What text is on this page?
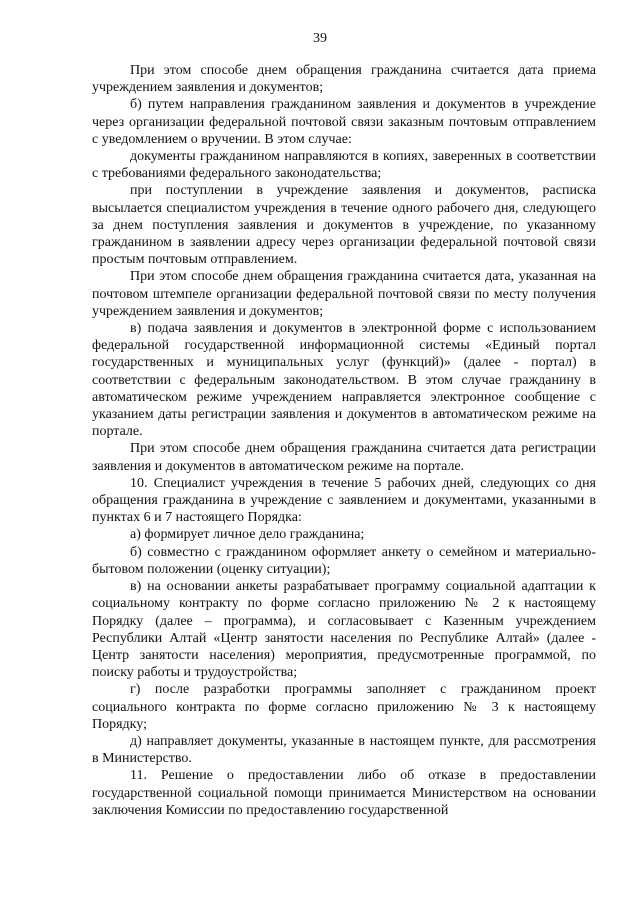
39

При этом способе днем обращения гражданина считается дата приема учреждением заявления и документов;

б) путем направления гражданином заявления и документов в учреждение через организации федеральной почтовой связи заказным почтовым отправлением с уведомлением о вручении. В этом случае:

документы гражданином направляются в копиях, заверенных в соответствии с требованиями федерального законодательства;

при поступлении в учреждение заявления и документов, расписка высылается специалистом учреждения в течение одного рабочего дня, следующего за днем поступления заявления и документов в учреждение, по указанному гражданином в заявлении адресу через организации федеральной почтовой связи простым почтовым отправлением.

При этом способе днем обращения гражданина считается дата, указанная на почтовом штемпеле организации федеральной почтовой связи по месту получения учреждением заявления и документов;

в) подача заявления и документов в электронной форме с использованием федеральной государственной информационной системы «Единый портал государственных и муниципальных услуг (функций)» (далее - портал) в соответствии с федеральным законодательством. В этом случае гражданину в автоматическом режиме учреждением направляется электронное сообщение с указанием даты регистрации заявления и документов в автоматическом режиме на портале.

При этом способе днем обращения гражданина считается дата регистрации заявления и документов в автоматическом режиме на портале.

10. Специалист учреждения в течение 5 рабочих дней, следующих со дня обращения гражданина в учреждение с заявлением и документами, указанными в пунктах 6 и 7 настоящего Порядка:

а) формирует личное дело гражданина;

б) совместно с гражданином оформляет анкету о семейном и материально-бытовом положении (оценку ситуации);

в) на основании анкеты разрабатывает программу социальной адаптации к социальному контракту по форме согласно приложению № 2 к настоящему Порядку (далее – программа), и согласовывает с Казенным учреждением Республики Алтай «Центр занятости населения по Республике Алтай» (далее - Центр занятости населения) мероприятия, предусмотренные программой, по поиску работы и трудоустройства;

г) после разработки программы заполняет с гражданином проект социального контракта по форме согласно приложению № 3 к настоящему Порядку;

д) направляет документы, указанные в настоящем пункте, для рассмотрения в Министерство.

11. Решение о предоставлении либо об отказе в предоставлении государственной социальной помощи принимается Министерством на основании заключения Комиссии по предоставлению государственной
